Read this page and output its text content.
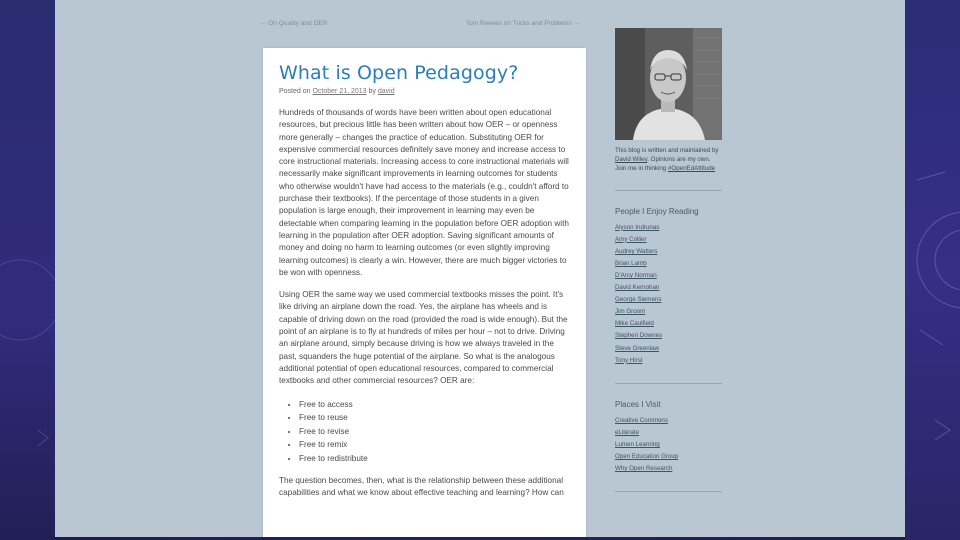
← On Quality and OER	Tom Reeves on Tricks and Problems →
What is Open Pedagogy?
Posted on October 21, 2013 by david

Hundreds of thousands of words have been written about open educational resources, but precious little has been written about how OER – or openness more generally – changes the practice of education. Substituting OER for expensive commercial resources definitely save money and increase access to core instructional materials. Increasing access to core instructional materials will necessarily make significant improvements in learning outcomes for students who otherwise wouldn't have had access to the materials (e.g., couldn't afford to purchase their textbooks). If the percentage of those students in a given population is large enough, their improvement in learning may even be detectable when comparing learning in the population before OER adoption with learning in the population after OER adoption. Saving significant amounts of money and doing no harm to learning outcomes (or even slightly improving learning outcomes) is clearly a win. However, there are much bigger victories to be won with openness.

Using OER the same way we used commercial textbooks misses the point. It's like driving an airplane down the road. Yes, the airplane has wheels and is capable of driving down on the road (provided the road is wide enough). But the point of an airplane is to fly at hundreds of miles per hour – not to drive. Driving an airplane around, simply because driving is how we always traveled in the past, squanders the huge potential of the airplane. So what is the analogous additional potential of open educational resources, compared to commercial textbooks and other commercial resources? OER are:

• Free to access
• Free to reuse
• Free to revise
• Free to remix
• Free to redistribute

The question becomes, then, what is the relationship between these additional capabilities and what we know about effective teaching and learning? How can

This blog is written and maintained by David Wiley. Opinions are my own. Join me in thinking #OpenEdAttitude
People I Enjoy Reading
Alyson Indrunas
Amy Collier
Audrey Watters
Brian Lamb
D'Arcy Norman
David Kernohan
George Siemens
Jim Groom
Mike Caulfield
Stephen Downes
Steve Greenlaw
Tony Hirst
Places I Visit
Creative Commons
eLiterate
Lumen Learning
Open Education Group
Why Open Research
